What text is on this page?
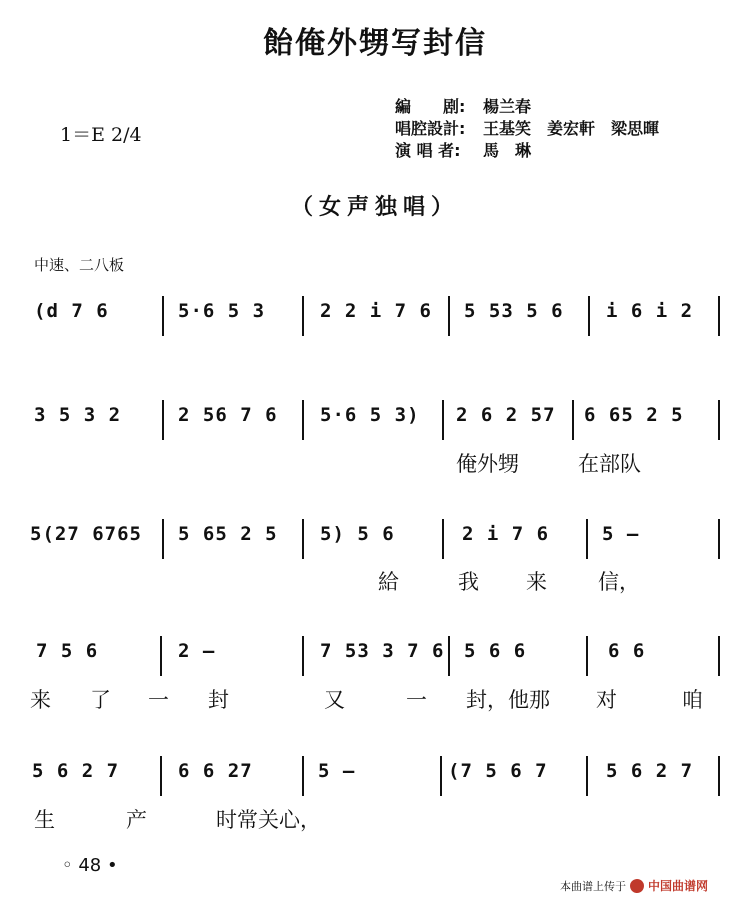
飴俺外甥写封信
1＝E 2/4
編　　剧: 楊兰春
唱腔設計: 王基笑　姜宏軒　梁思暉
演 唱 者: 馬　琳
（女声独唱）
中速、二八板
(d 7 6	5·6 5 3	2 2 i 7 6 5 53 5 6 i 6 i 2
3 5 3 2	2 56 7 6 5·6 5 3) 2 6 2 57 6 65 2 5
俺外甥	在部队
5(27 6765 5 65 2 5 5) 5 6	2 i 7 6	5 —
給	我 来 信，
7 5 6	2 —	7 53 3 7 6 5 6 6	6 6
来 了 一 封	又	一 封，他那 对	咱
5 6 2 7	6 6 27	5 —	(7 5 6 7	5 6 2 7
生	产	时常关心，
◦ 48 •
本曲谱上传于 中国曲谱网
